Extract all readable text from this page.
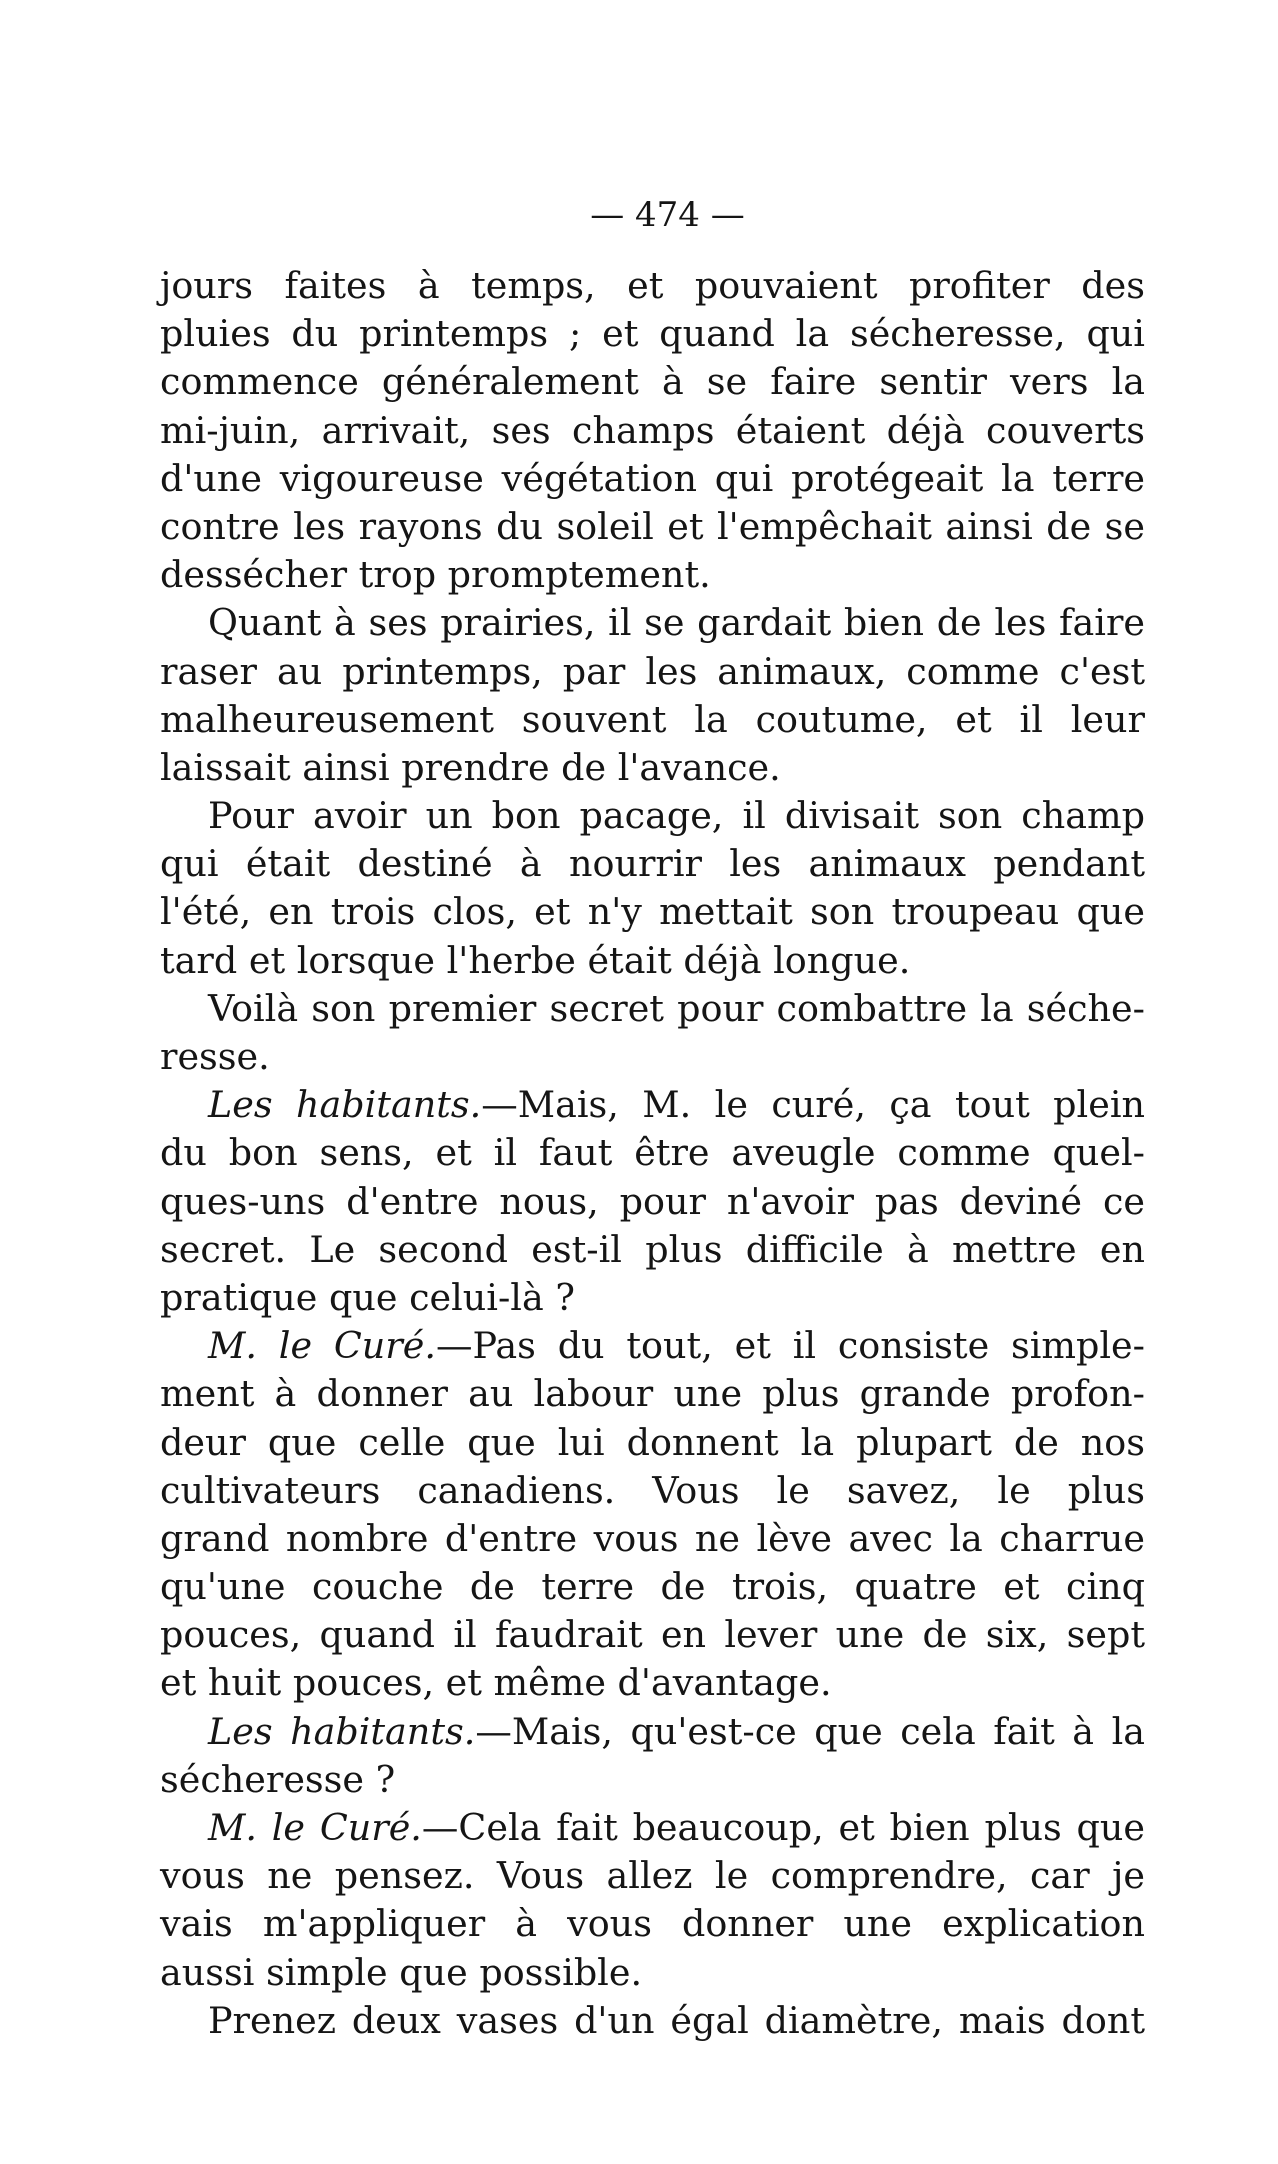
— 474 —
jours faites à temps, et pouvaient profiter des
pluies du printemps ; et quand la sécheresse, qui
commence généralement à se faire sentir vers la
mi-juin, arrivait, ses champs étaient déjà couverts
d'une vigoureuse végétation qui protégeait la terre
contre les rayons du soleil et l'empêchait ainsi de se
dessécher trop promptement.
Quant à ses prairies, il se gardait bien de les faire
raser au printemps, par les animaux, comme c'est
malheureusement souvent la coutume, et il leur
laissait ainsi prendre de l'avance.
Pour avoir un bon pacage, il divisait son champ
qui était destiné à nourrir les animaux pendant
l'été, en trois clos, et n'y mettait son troupeau que
tard et lorsque l'herbe était déjà longue.
Voilà son premier secret pour combattre la séche-
resse.
Les habitants.—Mais, M. le curé, ça tout plein
du bon sens, et il faut être aveugle comme quel-
ques-uns d'entre nous, pour n'avoir pas deviné ce
secret. Le second est-il plus difficile à mettre en
pratique que celui-là ?
M. le Curé.—Pas du tout, et il consiste simple-
ment à donner au labour une plus grande profon-
deur que celle que lui donnent la plupart de nos
cultivateurs canadiens. Vous le savez, le plus
grand nombre d'entre vous ne lève avec la charrue
qu'une couche de terre de trois, quatre et cinq
pouces, quand il faudrait en lever une de six, sept
et huit pouces, et même d'avantage.
Les habitants.—Mais, qu'est-ce que cela fait à la
sécheresse ?
M. le Curé.—Cela fait beaucoup, et bien plus que
vous ne pensez. Vous allez le comprendre, car je
vais m'appliquer à vous donner une explication
aussi simple que possible.
Prenez deux vases d'un égal diamètre, mais dont
